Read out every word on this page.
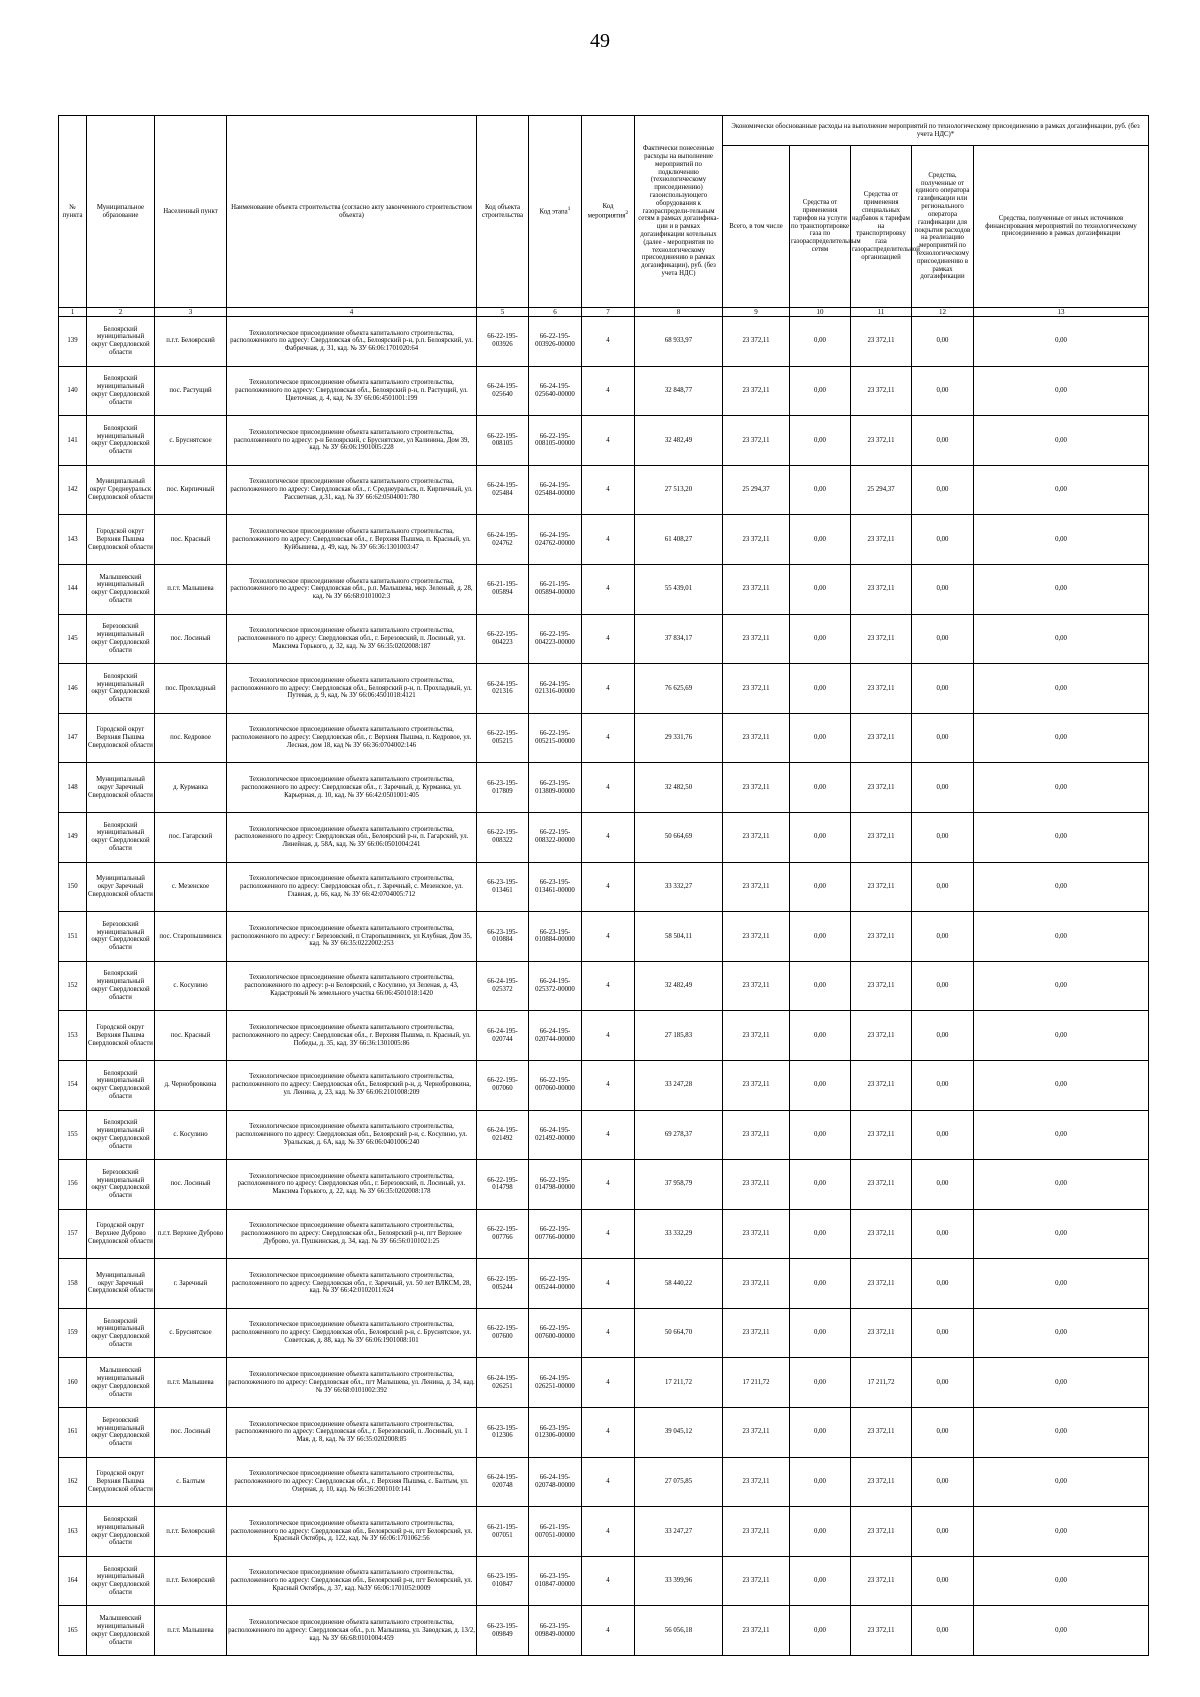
49
№ пункта	Муниципальное образование	Населенный пункт	Наименование объекта строительства (согласно акту законченного строительством объекта)	Код объекта строительства	Код этапа$^1$	Код мероприятия$^2$	Фактически понесенные расходы на выполнение мероприятий по подключению (технологическому присоединению) газоиспользующего оборудования к газораспредели-тельным сетям в рамках догазифика-ции и в рамках догазификации котельных (далее - мероприятия по технологическому присоединению в рамках догазификации), руб. (без учета НДС)	Экономически обоснованные расходы на выполнение мероприятий по технологическому присоединению в рамках догазификации, руб. (без учета НДС)*				
								Всего, в том числе	Средства от применения тарифов на услуги по транспортировке газа по газораспределительным сетям	Средства от применения специальных надбавок к тарифам на транспортировку газа газораспределительной организацией	Средства, полученные от единого оператора газификации или регионального оператора газификации для покрытия расходов на реализацию мероприятий по технологическому присоединению в рамках догазификации	Средства, полученные от иных источников финансирования мероприятий по технологическому присоединению в рамках догазификации
1	2	3	4	5	6	7	8	9	10	11	12	13
139	Белоярский муниципальный округ Свердловской области	п.г.т. Белоярский	Технологическое присоединение объекта капитального строительства, расположенного по адресу: Свердловская обл., Белоярский р-н, р.п. Белоярский, ул. Фабричная, д. 31, кад. № ЗУ 66:06:1701020:64	66-22-195-003926	66-22-195-003926-00000	4	68 933,97	23 372,11	0,00	23 372,11	0,00	0,00
140	Белоярский муниципальный округ Свердловской области	пос. Растущий	Технологическое присоединение объекта капитального строительства, расположенного по адресу: Свердловская обл., Белоярский р-н, п. Растущий, ул. Цветочная, д. 4, кад. № ЗУ 66:06:4501001:199	66-24-195-025640	66-24-195-025640-00000	4	32 848,77	23 372,11	0,00	23 372,11	0,00	0,00
141	Белоярский муниципальный округ Свердловской области	с. Бруснятское	Технологическое присоединение объекта капитального строительства, расположенного по адресу: р-н Белоярский, с Бруснятское, ул Калинина, Дом 39, кад. № ЗУ 66:06:1901005:228	66-22-195-008105	66-22-195-008105-00000	4	32 482,49	23 372,11	0,00	23 372,11	0,00	0,00
142	Муниципальный округ Среднеуральск Свердловской области	пос. Кирпичный	Технологическое присоединение объекта капитального строительства, расположенного по адресу: Свердловская обл., г. Среднеуральск, п. Кирпичный, ул. Рассветная, д.31, кад. № ЗУ 66:62:0504001:780	66-24-195-025484	66-24-195-025484-00000	4	27 513,20	25 294,37	0,00	25 294,37	0,00	0,00
143	Городской округ Верхняя Пышма Свердловской области	пос. Красный	Технологическое присоединение объекта капитального строительства, расположенного по адресу: Свердловская обл., г. Верхняя Пышма, п. Красный, ул. Куйбышева, д. 49, кад. № ЗУ 66:36:1301003:47	66-24-195-024762	66-24-195-024762-00000	4	61 408,27	23 372,11	0,00	23 372,11	0,00	0,00
144	Малышевский муниципальный округ Свердловской области	п.г.т. Малышева	Технологическое присоединение объекта капитального строительства, расположенного по адресу: Свердловская обл., р.п. Малышева, мкр. Зеленый, д. 28, кад. № ЗУ 66:68:0101002:3	66-21-195-005894	66-21-195-005894-00000	4	55 439,01	23 372,11	0,00	23 372,11	0,00	0,00
145	Березовский муниципальный округ Свердловской области	пос. Лосиный	Технологическое присоединение объекта капитального строительства, расположенного по адресу: Свердловская обл., г. Березовский, п. Лосиный, ул. Максима Горького, д. 32, кад. № ЗУ 66:35:0202008:187	66-22-195-004223	66-22-195-004223-00000	4	37 834,17	23 372,11	0,00	23 372,11	0,00	0,00
146	Белоярский муниципальный округ Свердловской области	пос. Прохладный	Технологическое присоединение объекта капитального строительства, расположенного по адресу: Свердловская обл., Белоярский р-н, п. Прохладный, ул. Путевая, д. 9, кад. № ЗУ 66:06:4501018:4121	66-24-195-021316	66-24-195-021316-00000	4	76 625,69	23 372,11	0,00	23 372,11	0,00	0,00
147	Городской округ Верхняя Пышма Свердловской области	пос. Кедровое	Технологическое присоединение объекта капитального строительства, расположенного по адресу: Свердловская обл., г. Верхняя Пышма, п. Кедровое, ул. Лесная, дом 18, кад № ЗУ 66:36:0704002:146	66-22-195-005215	66-22-195-005215-00000	4	29 331,76	23 372,11	0,00	23 372,11	0,00	0,00
148	Муниципальный округ Заречный Свердловской области	д. Курманка	Технологическое присоединение объекта капитального строительства, расположенного по адресу: Свердловская обл., г. Заречный, д. Курманка, ул. Карьерная, д. 10, кад. № ЗУ 66:42:0501001:405	66-23-195-017809	66-23-195-013809-00000	4	32 482,50	23 372,11	0,00	23 372,11	0,00	0,00
149	Белоярский муниципальный округ Свердловской области	пос. Гагарский	Технологическое присоединение объекта капитального строительства, расположенного по адресу: Свердловская обл., Белоярский р-н, п. Гагарский, ул. Линейная, д. 58А, кад. № ЗУ 66:06:0501004:241	66-22-195-008322	66-22-195-008322-00000	4	50 664,69	23 372,11	0,00	23 372,11	0,00	0,00
150	Муниципальный округ Заречный Свердловской области	с. Мезенское	Технологическое присоединение объекта капитального строительства, расположенного по адресу: Свердловская обл., г. Заречный, с. Мезенское, ул. Главная, д. 66, кад. № ЗУ 66:42:0704005:712	66-23-195-013461	66-23-195-013461-00000	4	33 332,27	23 372,11	0,00	23 372,11	0,00	0,00
151	Березовский муниципальный округ Свердловской области	пос. Старопышминск	Технологическое присоединение объекта капитального строительства, расположенного по адресу: г Березовский, п Старопышминск, ул Клубная, Дом 35, кад. № ЗУ 66:35:0222002:253	66-23-195-010884	66-23-195-010884-00000	4	58 504,11	23 372,11	0,00	23 372,11	0,00	0,00
152	Белоярский муниципальный округ Свердловской области	с. Косулино	Технологическое присоединение объекта капитального строительства, расположенного по адресу: р-н Белоярский, с Косулино, ул Зеленая, д. 43, Кадастровый № земельного участка 66:06:4501018:1420	66-24-195-025372	66-24-195-025372-00000	4	32 482,49	23 372,11	0,00	23 372,11	0,00	0,00
153	Городской округ Верхняя Пышма Свердловской области	пос. Красный	Технологическое присоединение объекта капитального строительства, расположенного по адресу: Свердловская обл., г. Верхняя Пышма, п. Красный, ул. Победы, д. 35, кад. ЗУ 66:36:1301005:86	66-24-195-020744	66-24-195-020744-00000	4	27 185,83	23 372,11	0,00	23 372,11	0,00	0,00
154	Белоярский муниципальный округ Свердловской области	д. Чернобровкина	Технологическое присоединение объекта капитального строительства, расположенного по адресу: Свердловская обл., Белоярский р-н, д. Чернобровкина, ул. Ленина, д. 23, кад. № ЗУ 66:06:2101008:209	66-22-195-007060	66-22-195-007060-00000	4	33 247,28	23 372,11	0,00	23 372,11	0,00	0,00
155	Белоярский муниципальный округ Свердловской области	с. Косулино	Технологическое присоединение объекта капитального строительства, расположенного по адресу: Свердловская обл., Белоярский р-н, с. Косулино, ул. Уральская, д. 6А, кад. № ЗУ 66:06:0401006:240	66-24-195-021492	66-24-195-021492-00000	4	69 278,37	23 372,11	0,00	23 372,11	0,00	0,00
156	Березовский муниципальный округ Свердловской области	пос. Лосиный	Технологическое присоединение объекта капитального строительства, расположенного по адресу: Свердловская обл., г. Березовский, п. Лосиный, ул. Максима Горького, д. 22, кад. № ЗУ 66:35:0202008:178	66-22-195-014798	66-22-195-014798-00000	4	37 958,79	23 372,11	0,00	23 372,11	0,00	0,00
157	Городской округ Верхнее Дуброво Свердловской области	п.г.т. Верхнее Дуброво	Технологическое присоединение объекта капитального строительства, расположенного по адресу: Свердловская обл., Белоярский р-н, пгт Верхнее Дуброво, ул. Пушкинская, д. 34, кад. № ЗУ 66:56:0101021:25	66-22-195-007766	66-22-195-007766-00000	4	33 332,29	23 372,11	0,00	23 372,11	0,00	0,00
158	Муниципальный округ Заречный Свердловской области	г. Заречный	Технологическое присоединение объекта капитального строительства, расположенного по адресу: Свердловская обл., г. Заречный, ул. 50 лет ВЛКСМ, 28, кад. № ЗУ 66:42:0102011:624	66-22-195-005244	66-22-195-005244-00000	4	58 440,22	23 372,11	0,00	23 372,11	0,00	0,00
159	Белоярский муниципальный округ Свердловской области	с. Бруснятское	Технологическое присоединение объекта капитального строительства, расположенного по адресу: Свердловская обл., Белоярский р-н, с. Бруснятское, ул. Советская, д. 88, кад. № ЗУ 66:06:1901008:101	66-22-195-007600	66-22-195-007600-00000	4	50 664,70	23 372,11	0,00	23 372,11	0,00	0,00
160	Малышевский муниципальный округ Свердловской области	п.г.т. Малышева	Технологическое присоединение объекта капитального строительства, расположенного по адресу: Свердловская обл., пгт Малышева, ул. Ленина, д. 34, кад. № ЗУ 66:68:0101002:392	66-24-195-026251	66-24-195-026251-00000	4	17 211,72	17 211,72	0,00	17 211,72	0,00	0,00
161	Березовский муниципальный округ Свердловской области	пос. Лосиный	Технологическое присоединение объекта капитального строительства, расположенного по адресу: Свердловская обл., г. Березовский, п. Лосиный, ул. 1 Мая, д. 8, кад. № ЗУ 66:35:0202008:85	66-23-195-012306	66-23-195-012306-00000	4	39 045,12	23 372,11	0,00	23 372,11	0,00	0,00
162	Городской округ Верхняя Пышма Свердловской области	с. Балтым	Технологическое присоединение объекта капитального строительства, расположенного по адресу: Свердловская обл., г. Верхняя Пышма, с. Балтым, ул. Озерная, д. 10, кад. № 66:36:2001010:141	66-24-195-020748	66-24-195-020748-00000	4	27 075,85	23 372,11	0,00	23 372,11	0,00	0,00
163	Белоярский муниципальный округ Свердловской области	п.г.т. Белоярский	Технологическое присоединение объекта капитального строительства, расположенного по адресу: Свердловская обл., Белоярский р-н, пгт Белоярский, ул. Красный Октябрь, д. 122, кад. № ЗУ 66:06:1701062:56	66-21-195-007051	66-21-195-007051-00000	4	33 247,27	23 372,11	0,00	23 372,11	0,00	0,00
164	Белоярский муниципальный округ Свердловской области	п.г.т. Белоярский	Технологическое присоединение объекта капитального строительства, расположенного по адресу: Свердловская обл., Белоярский р-н, пгт Белоярский, ул. Красный Октябрь, д. 37, кад. №ЗУ 66:06:1701052:0009	66-23-195-010847	66-23-195-010847-00000	4	33 399,96	23 372,11	0,00	23 372,11	0,00	0,00
165	Малышевский муниципальный округ Свердловской области	п.г.т. Малышева	Технологическое присоединение объекта капитального строительства, расположенного по адресу: Свердловская обл., р.п. Малышева, ул. Заводская, д. 13/2, кад. № ЗУ 66:68:0101004:459	66-23-195-009849	66-23-195-009849-00000	4	56 056,18	23 372,11	0,00	23 372,11	0,00	0,00
